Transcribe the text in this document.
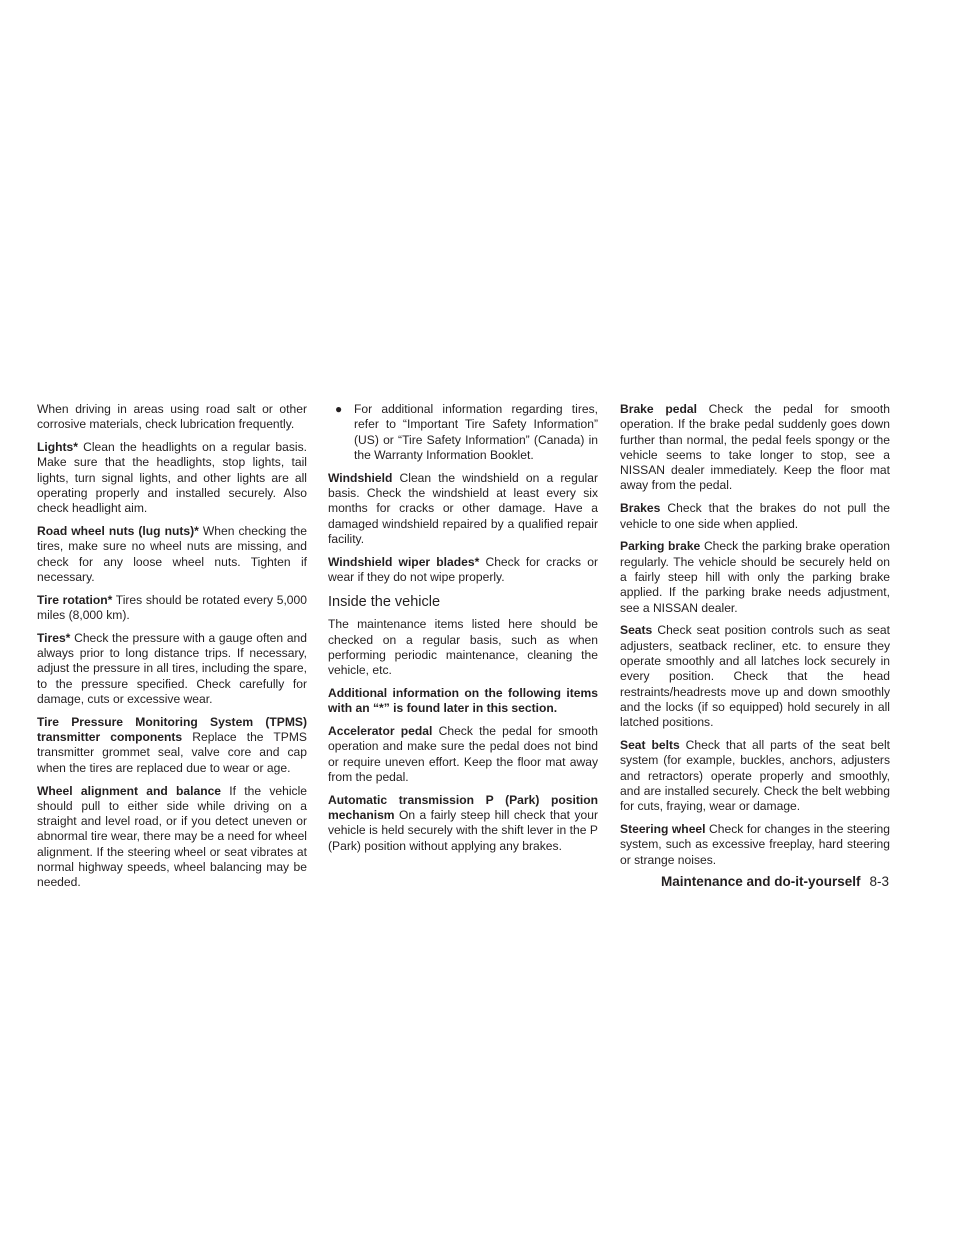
When driving in areas using road salt or other corrosive materials, check lubrication frequently.

Lights* Clean the headlights on a regular basis. Make sure that the headlights, stop lights, tail lights, turn signal lights, and other lights are all operating properly and installed securely. Also check headlight aim.

Road wheel nuts (lug nuts)* When checking the tires, make sure no wheel nuts are missing, and check for any loose wheel nuts. Tighten if necessary.

Tire rotation* Tires should be rotated every 5,000 miles (8,000 km).

Tires* Check the pressure with a gauge often and always prior to long distance trips. If necessary, adjust the pressure in all tires, including the spare, to the pressure specified. Check carefully for damage, cuts or excessive wear.

Tire Pressure Monitoring System (TPMS) transmitter components Replace the TPMS transmitter grommet seal, valve core and cap when the tires are replaced due to wear or age.

Wheel alignment and balance If the vehicle should pull to either side while driving on a straight and level road, or if you detect uneven or abnormal tire wear, there may be a need for wheel alignment. If the steering wheel or seat vibrates at normal highway speeds, wheel balancing may be needed.

● For additional information regarding tires, refer to “Important Tire Safety Information” (US) or “Tire Safety Information” (Canada) in the Warranty Information Booklet.

Windshield Clean the windshield on a regular basis. Check the windshield at least every six months for cracks or other damage. Have a damaged windshield repaired by a qualified repair facility.

Windshield wiper blades* Check for cracks or wear if they do not wipe properly.

Inside the vehicle

The maintenance items listed here should be checked on a regular basis, such as when performing periodic maintenance, cleaning the vehicle, etc.

Additional information on the following items with an “*” is found later in this section.

Accelerator pedal Check the pedal for smooth operation and make sure the pedal does not bind or require uneven effort. Keep the floor mat away from the pedal.

Automatic transmission P (Park) position mechanism On a fairly steep hill check that your vehicle is held securely with the shift lever in the P (Park) position without applying any brakes.

Brake pedal Check the pedal for smooth operation. If the brake pedal suddenly goes down further than normal, the pedal feels spongy or the vehicle seems to take longer to stop, see a NISSAN dealer immediately. Keep the floor mat away from the pedal.

Brakes Check that the brakes do not pull the vehicle to one side when applied.

Parking brake Check the parking brake operation regularly. The vehicle should be securely held on a fairly steep hill with only the parking brake applied. If the parking brake needs adjustment, see a NISSAN dealer.

Seats Check seat position controls such as seat adjusters, seatback recliner, etc. to ensure they operate smoothly and all latches lock securely in every position. Check that the head restraints/headrests move up and down smoothly and the locks (if so equipped) hold securely in all latched positions.

Seat belts Check that all parts of the seat belt system (for example, buckles, anchors, adjusters and retractors) operate properly and smoothly, and are installed securely. Check the belt webbing for cuts, fraying, wear or damage.

Steering wheel Check for changes in the steering system, such as excessive freeplay, hard steering or strange noises.

Maintenance and do-it-yourself 8-3
